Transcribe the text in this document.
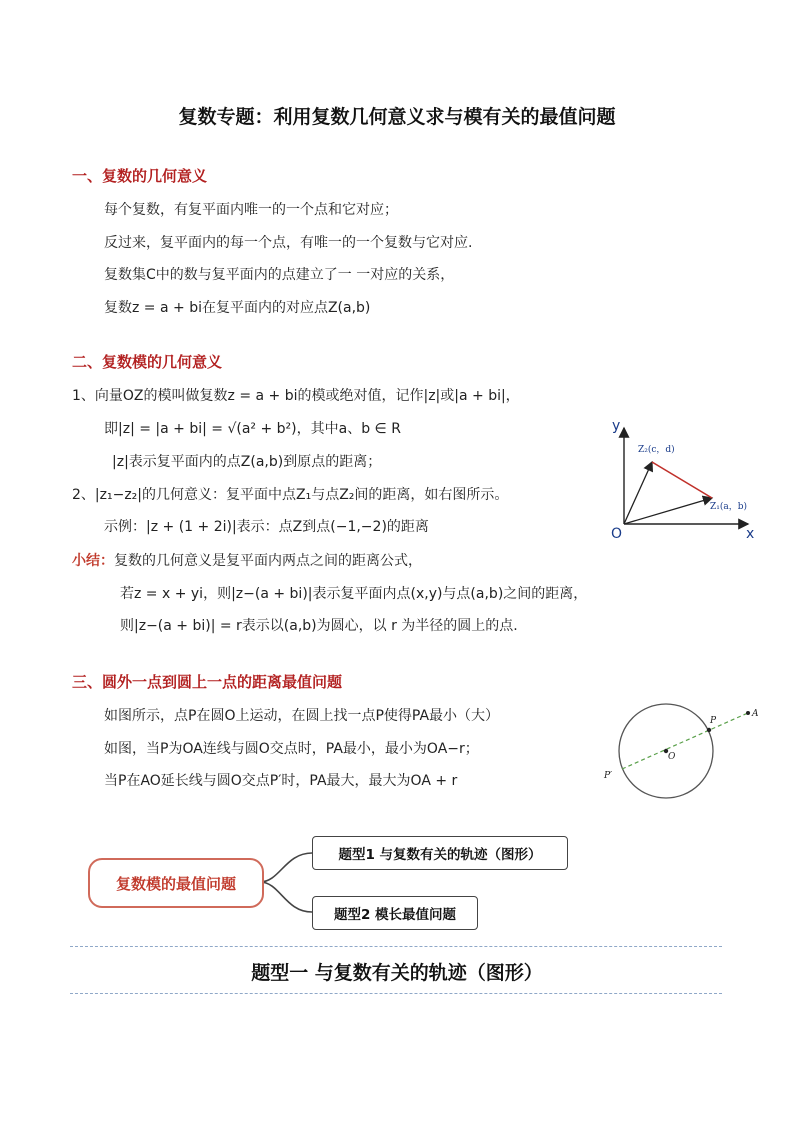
复数专题：利用复数几何意义求与模有关的最值问题
一、复数的几何意义
每个复数，有复平面内唯一的一个点和它对应；
反过来，复平面内的每一个点，有唯一的一个复数与它对应.
复数集C中的数与复平面内的点建立了一 一对应的关系，
复数z = a + bi在复平面内的对应点Z(a,b)
二、复数模的几何意义
1、向量OZ的模叫做复数z = a + bi的模或绝对值，记作|z|或|a + bi|，
即|z| = |a + bi| = √(a² + b²)，其中a、b ∈ R
|z|表示复平面内的点Z(a,b)到原点的距离；
2、|z₁−z₂|的几何意义：复平面中点Z₁与点Z₂间的距离，如右图所示。
示例：|z + (1 + 2i)|表示：点Z到点(−1,−2)的距离
小结：复数的几何意义是复平面内两点之间的距离公式，
若z = x + yi，则|z−(a + bi)|表示复平面内点(x,y)与点(a,b)之间的距离，
则|z−(a + bi)| = r表示以(a,b)为圆心，以 r 为半径的圆上的点.
y
x
O
Z₂(c，d)
Z₁(a，b)
三、圆外一点到圆上一点的距离最值问题
如图所示，点P在圆O上运动，在圆上找一点P使得PA最小（大）
如图，当P为OA连线与圆O交点时，PA最小，最小为OA−r；
当P在AO延长线与圆O交点P′时，PA最大，最大为OA + r
A
P
O
P′
复数模的最值问题
题型1 与复数有关的轨迹（图形）
题型2 模长最值问题
题型一 与复数有关的轨迹（图形）
